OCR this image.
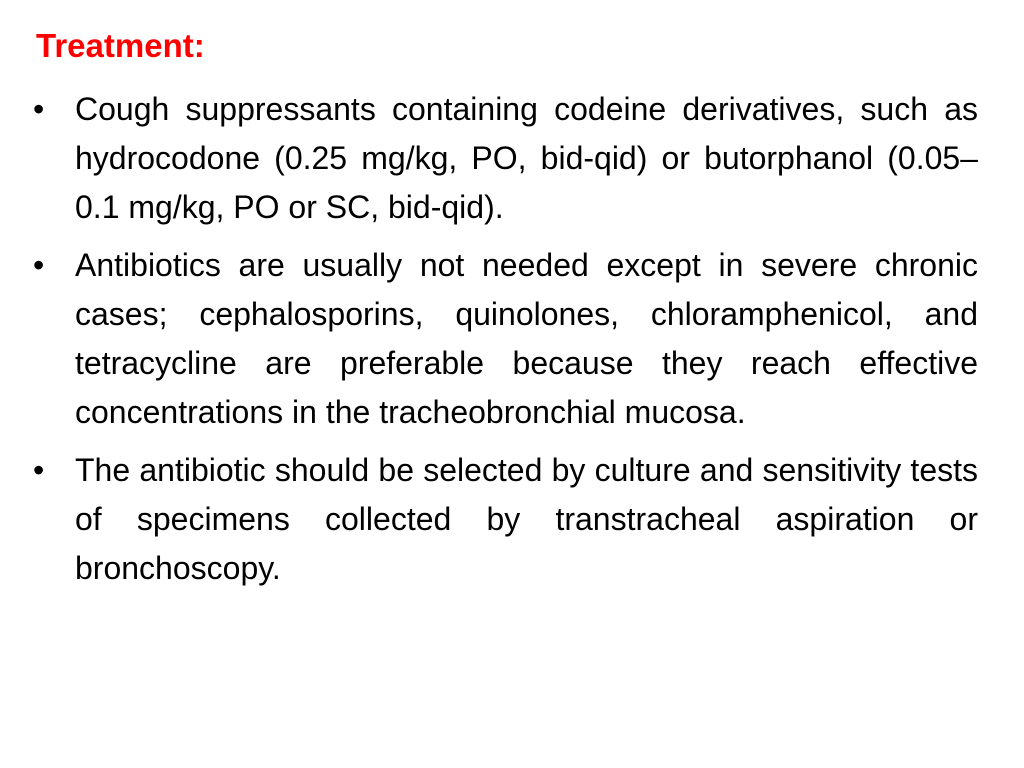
Treatment:
• Cough suppressants containing codeine derivatives, such as hydrocodone (0.25 mg/kg, PO, bid-qid) or butorphanol (0.05–0.1 mg/kg, PO or SC, bid-qid).
• Antibiotics are usually not needed except in severe chronic cases; cephalosporins, quinolones, chloramphenicol, and tetracycline are preferable because they reach effective concentrations in the tracheobronchial mucosa.
• The antibiotic should be selected by culture and sensitivity tests of specimens collected by transtracheal aspiration or bronchoscopy.
